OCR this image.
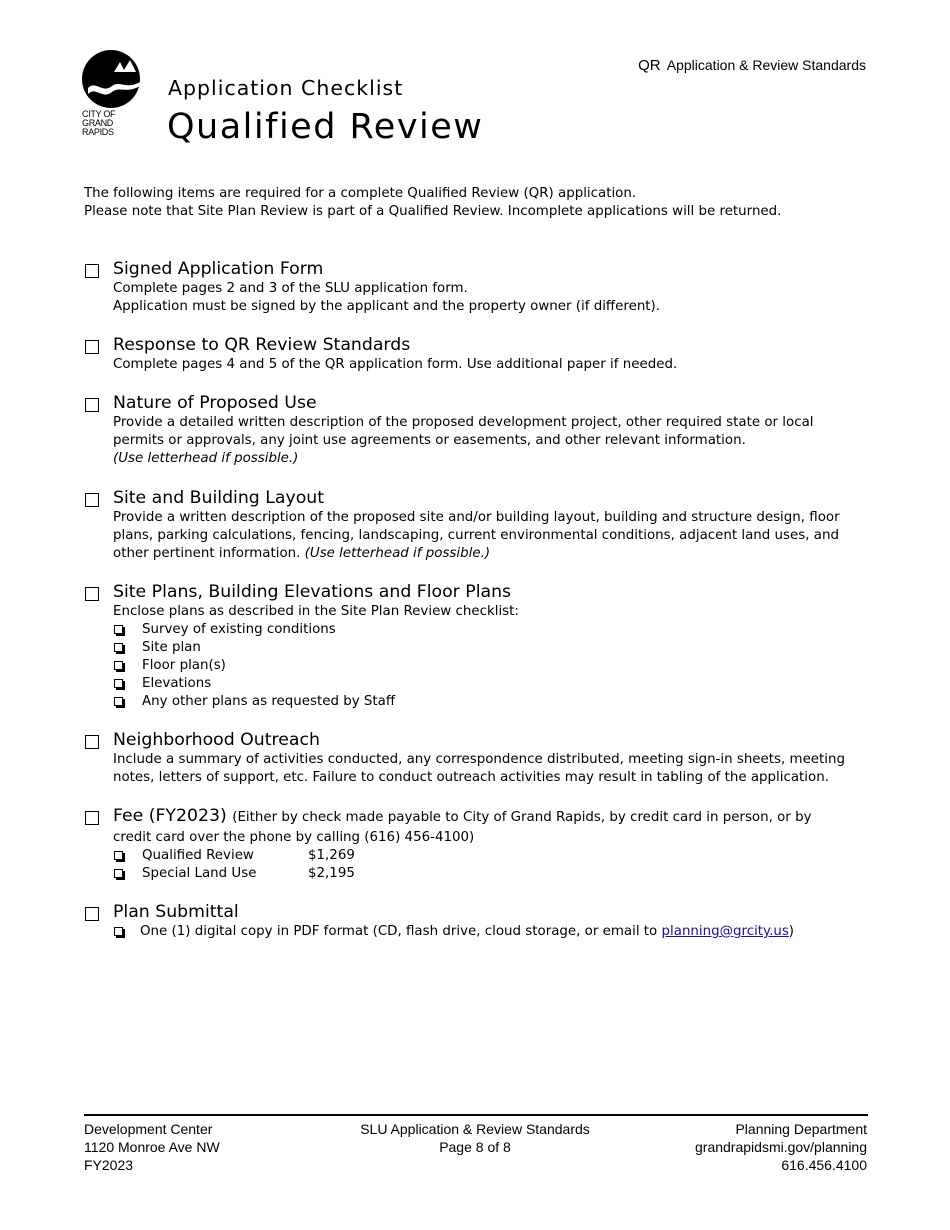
CITY OF
GRAND
RAPIDS
QR Application & Review Standards
Application Checklist
Qualified Review
The following items are required for a complete Qualified Review (QR) application.
Please note that Site Plan Review is part of a Qualified Review. Incomplete applications will be returned.
Signed Application Form
Complete pages 2 and 3 of the SLU application form.
Application must be signed by the applicant and the property owner (if different).
Response to QR Review Standards
Complete pages 4 and 5 of the QR application form. Use additional paper if needed.
Nature of Proposed Use
Provide a detailed written description of the proposed development project, other required state or local
permits or approvals, any joint use agreements or easements, and other relevant information.
(Use letterhead if possible.)
Site and Building Layout
Provide a written description of the proposed site and/or building layout, building and structure design, floor
plans, parking calculations, fencing, landscaping, current environmental conditions, adjacent land uses, and
other pertinent information. (Use letterhead if possible.)
Site Plans, Building Elevations and Floor Plans
Enclose plans as described in the Site Plan Review checklist:
Survey of existing conditions
Site plan
Floor plan(s)
Elevations
Any other plans as requested by Staff
Neighborhood Outreach
Include a summary of activities conducted, any correspondence distributed, meeting sign-in sheets, meeting
notes, letters of support, etc. Failure to conduct outreach activities may result in tabling of the application.
Fee (FY2023) (Either by check made payable to City of Grand Rapids, by credit card in person, or by
credit card over the phone by calling (616) 456-4100)
Qualified Review	$1,269
Special Land Use	$2,195
Plan Submittal
One (1) digital copy in PDF format (CD, flash drive, cloud storage, or email to planning@grcity.us)
Development Center
1120 Monroe Ave NW
FY2023
SLU Application & Review Standards
Page 8 of 8
Planning Department
grandrapidsmi.gov/planning
616.456.4100
